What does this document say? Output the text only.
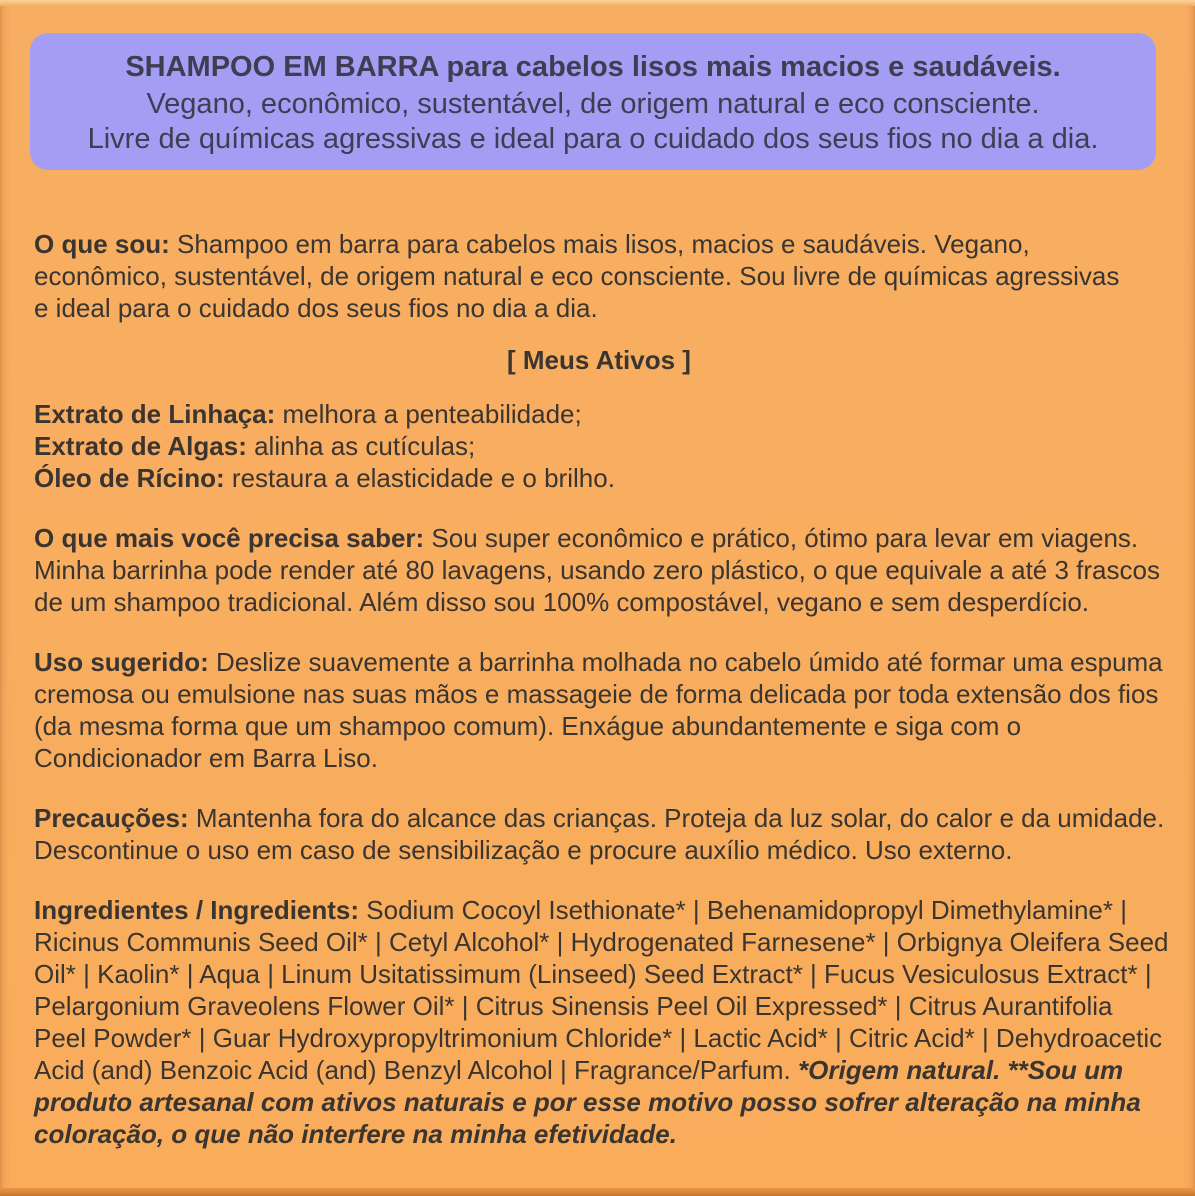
SHAMPOO EM BARRA para cabelos lisos mais macios e saudáveis.
Vegano, econômico, sustentável, de origem natural e eco consciente.
Livre de químicas agressivas e ideal para o cuidado dos seus fios no dia a dia.

O que sou: Shampoo em barra para cabelos mais lisos, macios e saudáveis. Vegano,
econômico, sustentável, de origem natural e eco consciente. Sou livre de químicas agressivas
e ideal para o cuidado dos seus fios no dia a dia.

[ Meus Ativos ]

Extrato de Linhaça: melhora a penteabilidade;
Extrato de Algas: alinha as cutículas;
Óleo de Rícino: restaura a elasticidade e o brilho.

O que mais você precisa saber: Sou super econômico e prático, ótimo para levar em viagens.
Minha barrinha pode render até 80 lavagens, usando zero plástico, o que equivale a até 3 frascos
de um shampoo tradicional. Além disso sou 100% compostável, vegano e sem desperdício.

Uso sugerido: Deslize suavemente a barrinha molhada no cabelo úmido até formar uma espuma
cremosa ou emulsione nas suas mãos e massageie de forma delicada por toda extensão dos fios
(da mesma forma que um shampoo comum). Enxágue abundantemente e siga com o
Condicionador em Barra Liso.

Precauções: Mantenha fora do alcance das crianças. Proteja da luz solar, do calor e da umidade.
Descontinue o uso em caso de sensibilização e procure auxílio médico. Uso externo.

Ingredientes / Ingredients: Sodium Cocoyl Isethionate* | Behenamidopropyl Dimethylamine* |
Ricinus Communis Seed Oil* | Cetyl Alcohol* | Hydrogenated Farnesene* | Orbignya Oleifera Seed
Oil* | Kaolin* | Aqua | Linum Usitatissimum (Linseed) Seed Extract* | Fucus Vesiculosus Extract* |
Pelargonium Graveolens Flower Oil* | Citrus Sinensis Peel Oil Expressed* | Citrus Aurantifolia
Peel Powder* | Guar Hydroxypropyltrimonium Chloride* | Lactic Acid* | Citric Acid* | Dehydroacetic
Acid (and) Benzoic Acid (and) Benzyl Alcohol | Fragrance/Parfum. *Origem natural. **Sou um
produto artesanal com ativos naturais e por esse motivo posso sofrer alteração na minha
coloração, o que não interfere na minha efetividade.
